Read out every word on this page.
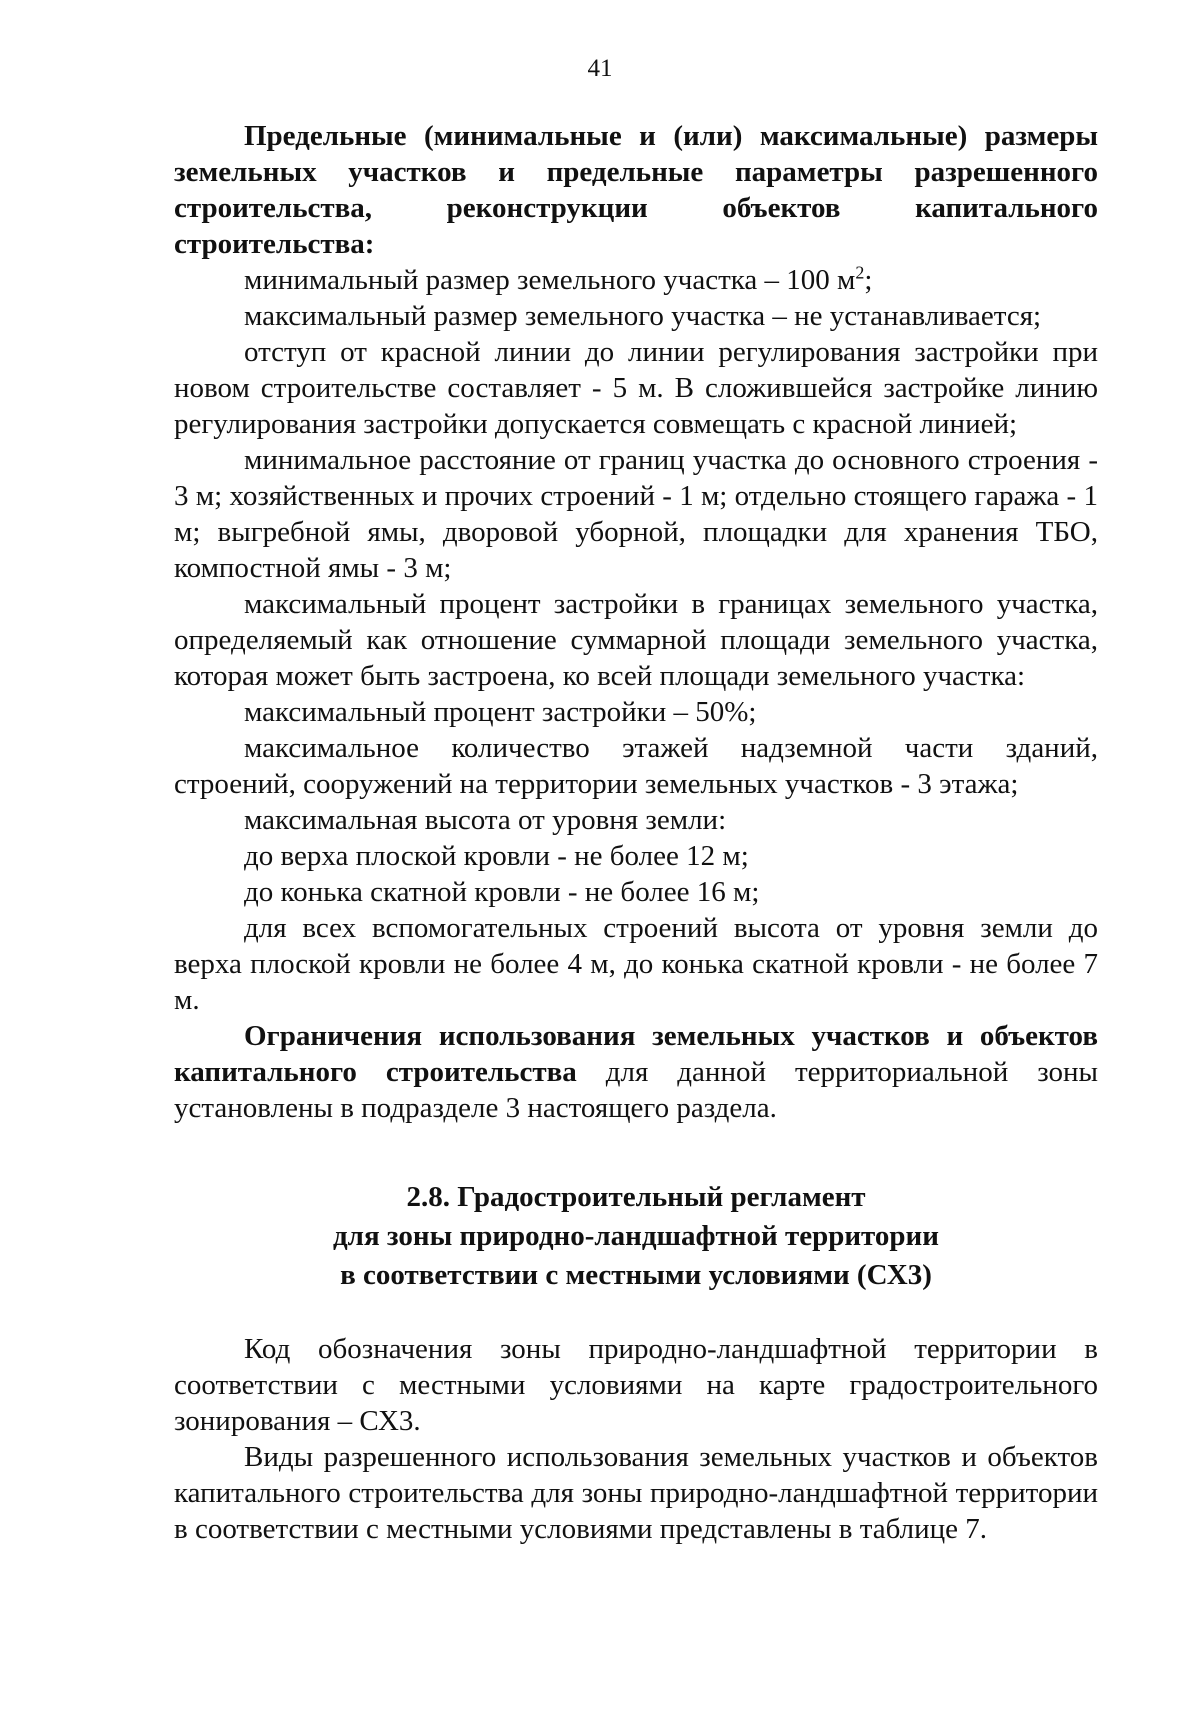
41

Предельные (минимальные и (или) максимальные) размеры земельных участков и предельные параметры разрешенного строительства, реконструкции объектов капитального строительства:

минимальный размер земельного участка – 100 $м^2$;

максимальный размер земельного участка – не устанавливается;

отступ от красной линии до линии регулирования застройки при новом строительстве составляет - 5 м. В сложившейся застройке линию регулирования застройки допускается совмещать с красной линией;

минимальное расстояние от границ участка до основного строения - 3 м; хозяйственных и прочих строений - 1 м; отдельно стоящего гаража - 1 м; выгребной ямы, дворовой уборной, площадки для хранения ТБО, компостной ямы - 3 м;

максимальный процент застройки в границах земельного участка, определяемый как отношение суммарной площади земельного участка, которая может быть застроена, ко всей площади земельного участка:

максимальный процент застройки – 50%;

максимальное количество этажей надземной части зданий, строений, сооружений на территории земельных участков - 3 этажа;

максимальная высота от уровня земли:

до верха плоской кровли - не более 12 м;

до конька скатной кровли - не более 16 м;

для всех вспомогательных строений высота от уровня земли до верха плоской кровли не более 4 м, до конька скатной кровли - не более 7 м.

Ограничения использования земельных участков и объектов капитального строительства для данной территориальной зоны установлены в подразделе 3 настоящего раздела.

2.8. Градостроительный регламент
для зоны природно-ландшафтной территории
в соответствии с местными условиями (СХ3)

Код обозначения зоны природно-ландшафтной территории в соответствии с местными условиями на карте градостроительного зонирования – СХ3.

Виды разрешенного использования земельных участков и объектов капитального строительства для зоны природно-ландшафтной территории в соответствии с местными условиями представлены в таблице 7.
